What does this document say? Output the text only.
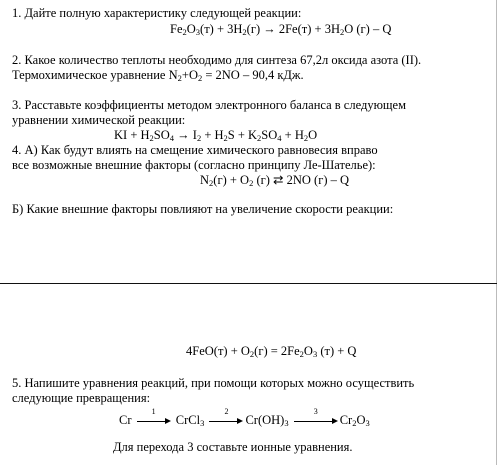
1. Дайте полную характеристику следующей реакции:
$Fe_2O_3(т) + 3H_2(г) \to 2Fe(т) + 3H_2O$ (г) – Q
2. Какое количество теплоты необходимо для синтеза 67,2л оксида азота (II).
Термохимическое уравнение $N_2+O_2 = 2NO - 90,4$ кДж.
3. Расставьте коэффициенты методом электронного баланса в следующем
уравнении химической реакции:
KI + $H_2SO_4 \to I_2 + H_2S + K_2SO_4 + H_2O$
4. А) Как будут влиять на смещение химического равновесия вправо
все возможные внешние факторы (согласно принципу Ле-Шателье):
$N_2(г) + O_2$ (г) ⇄ 2NO (г) – Q
Б) Какие внешние факторы повлияют на увеличение скорости реакции:
$4FeO(т) + O_2(г) = 2Fe_2O_3$ (т) + Q
5. Напишите уравнения реакций, при помощи которых можно осуществить
следующие превращения:
Cr
1
CrCl$_3$
2
$Cr(OH)_3$
3
$Cr_2O_3$
Для перехода 3 составьте ионные уравнения.
